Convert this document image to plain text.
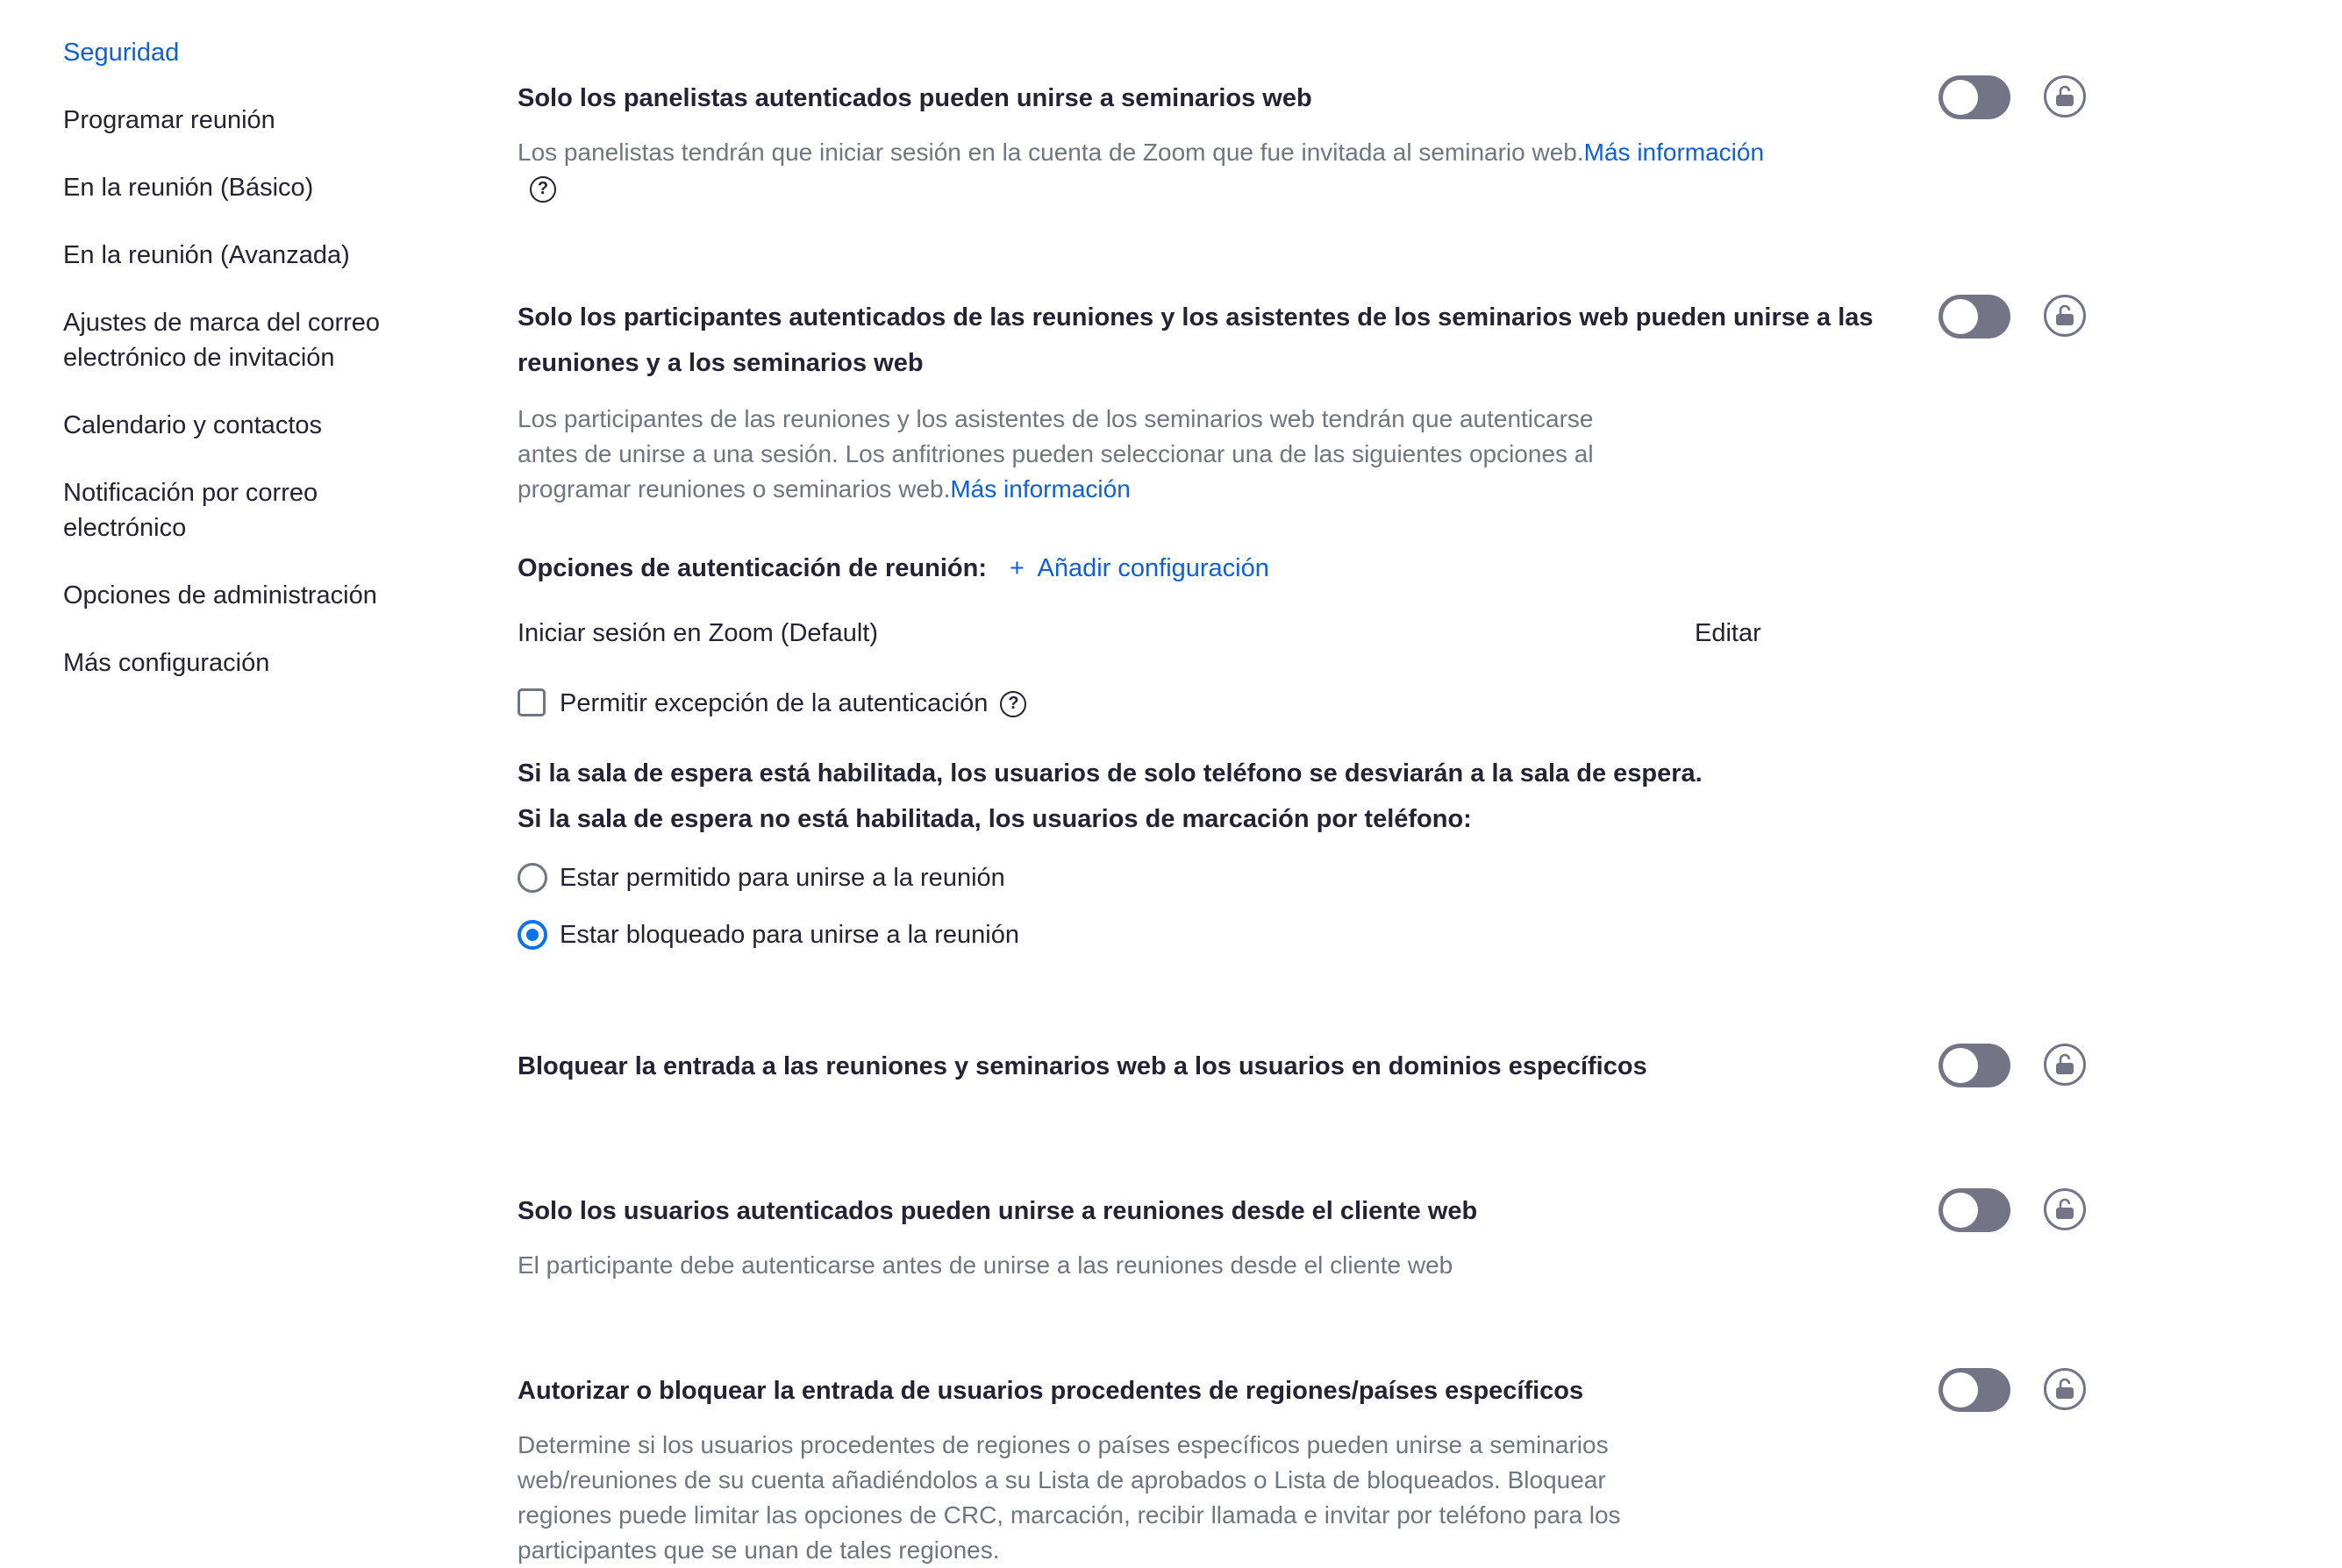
Seguridad
Programar reunión
En la reunión (Básico)
En la reunión (Avanzada)
Ajustes de marca del correo electrónico de invitación
Calendario y contactos
Notificación por correo electrónico
Opciones de administración
Más configuración
Solo los panelistas autenticados pueden unirse a seminarios web
Los panelistas tendrán que iniciar sesión en la cuenta de Zoom que fue invitada al seminario web.Más información?
Solo los participantes autenticados de las reuniones y los asistentes de los seminarios web pueden unirse a las
reuniones y a los seminarios web
Los participantes de las reuniones y los asistentes de los seminarios web tendrán que autenticarse
antes de unirse a una sesión. Los anfitriones pueden seleccionar una de las siguientes opciones al
programar reuniones o seminarios web.Más información
Opciones de autenticación de reunión: + Añadir configuración
Iniciar sesión en Zoom (Default)	Editar
Permitir excepción de la autenticación ?
Si la sala de espera está habilitada, los usuarios de solo teléfono se desviarán a la sala de espera.
Si la sala de espera no está habilitada, los usuarios de marcación por teléfono:
Estar permitido para unirse a la reunión
Estar bloqueado para unirse a la reunión
Bloquear la entrada a las reuniones y seminarios web a los usuarios en dominios específicos
Solo los usuarios autenticados pueden unirse a reuniones desde el cliente web
El participante debe autenticarse antes de unirse a las reuniones desde el cliente web
Autorizar o bloquear la entrada de usuarios procedentes de regiones/países específicos
Determine si los usuarios procedentes de regiones o países específicos pueden unirse a seminarios
web/reuniones de su cuenta añadiéndolos a su Lista de aprobados o Lista de bloqueados. Bloquear
regiones puede limitar las opciones de CRC, marcación, recibir llamada e invitar por teléfono para los
participantes que se unan de tales regiones.
